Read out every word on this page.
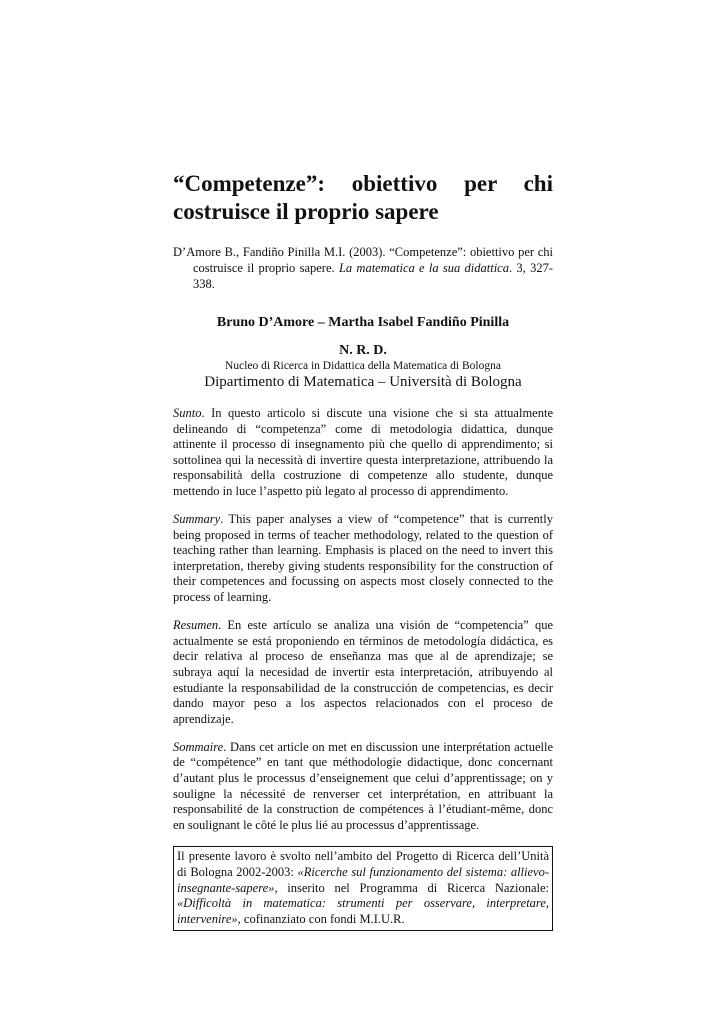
“Competenze”: obiettivo per chi costruisce il proprio sapere
D’Amore B., Fandiño Pinilla M.I. (2003). “Competenze”: obiettivo per chi costruisce il proprio sapere. La matematica e la sua didattica. 3, 327-338.
Bruno D’Amore – Martha Isabel Fandiño Pinilla
N. R. D.
Nucleo di Ricerca in Didattica della Matematica di Bologna
Dipartimento di Matematica – Università di Bologna

Sunto. In questo articolo si discute una visione che si sta attualmente delineando di “competenza” come di metodologia didattica, dunque attinente il processo di insegnamento più che quello di apprendimento; si sottolinea qui la necessità di invertire questa interpretazione, attribuendo la responsabilità della costruzione di competenze allo studente, dunque mettendo in luce l’aspetto più legato al processo di apprendimento.

Summary. This paper analyses a view of “competence” that is currently being proposed in terms of teacher methodology, related to the question of teaching rather than learning. Emphasis is placed on the need to invert this interpretation, thereby giving students responsibility for the construction of their competences and focussing on aspects most closely connected to the process of learning.

Resumen. En este artículo se analiza una visión de “competencia” que actualmente se está proponiendo en términos de metodología didáctica, es decir relativa al proceso de enseñanza mas que al de aprendizaje; se subraya aquí la necesidad de invertir esta interpretación, atribuyendo al estudiante la responsabilidad de la construcción de competencias, es decir dando mayor peso a los aspectos relacionados con el proceso de aprendizaje.

Sommaire. Dans cet article on met en discussion une interprétation actuelle de “compétence” en tant que méthodologie didactique, donc concernant d’autant plus le processus d’enseignement que celui d’apprentissage; on y souligne la nécessité de renverser cet interprétation, en attribuant la responsabilité de la construction de compétences à l’étudiant-même, donc en soulignant le côté le plus lié au processus d’apprentissage.

Il presente lavoro è svolto nell’ambito del Progetto di Ricerca dell’Unità di Bologna 2002-2003: «Ricerche sul funzionamento del sistema: allievo-insegnante-sapere», inserito nel Programma di Ricerca Nazionale: «Difficoltà in matematica: strumenti per osservare, interpretare, intervenire», cofinanziato con fondi M.I.U.R.
